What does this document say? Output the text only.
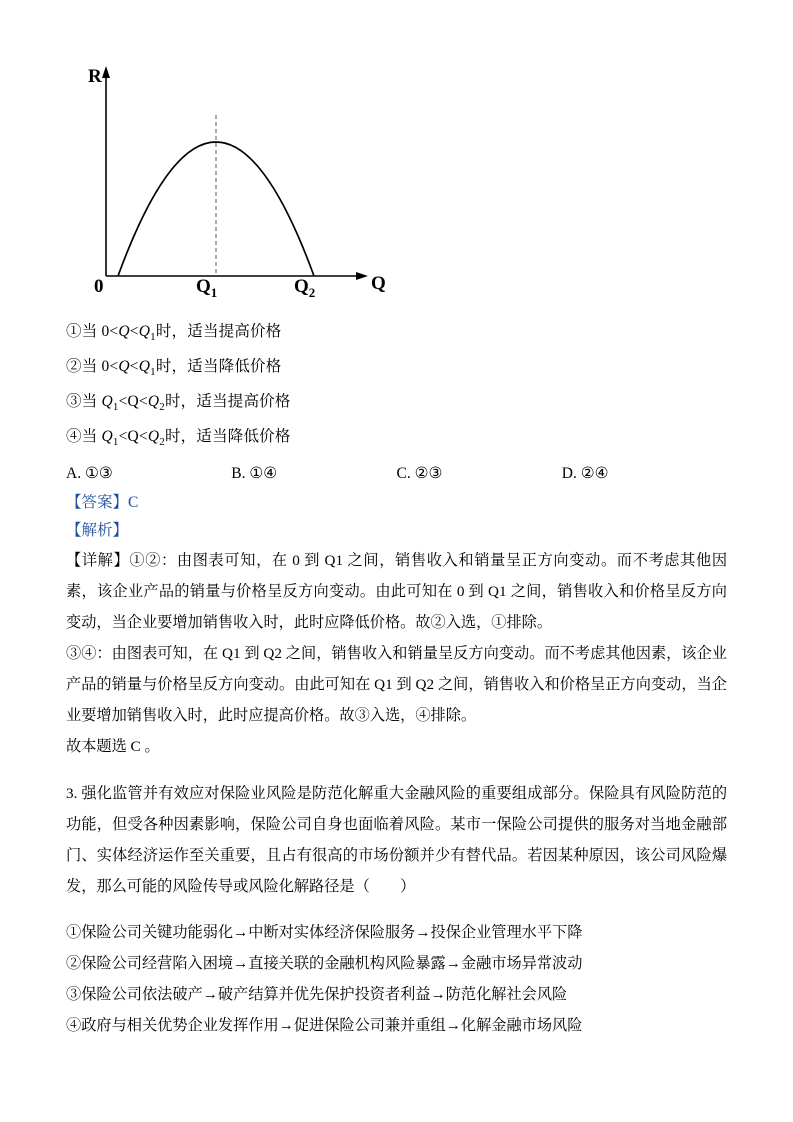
R
Q
0	$Q_1$	$Q_2$
①当 $0<Q<Q_1$时，适当提高价格
②当 $0<Q<Q_1$时，适当降低价格
③当 $Q_1<Q<Q_2$时，适当提高价格
④当 $Q_1<Q<Q_2$时，适当降低价格
A. ①③	B. ①④	C. ②③	D. ②④
【答案】C
【解析】

【详解】①②：由图表可知，在 0 到 Q1 之间，销售收入和销量呈正方向变动。而不考虑其他因素，该企业产品的销量与价格呈反方向变动。由此可知在 0 到 Q1 之间，销售收入和价格呈反方向变动，当企业要增加销售收入时，此时应降低价格。故②入选，①排除。

③④：由图表可知，在 Q1 到 Q2 之间，销售收入和销量呈反方向变动。而不考虑其他因素，该企业产品的销量与价格呈反方向变动。由此可知在 Q1 到 Q2 之间，销售收入和价格呈正方向变动，当企业要增加销售收入时，此时应提高价格。故③入选，④排除。

故本题选 C 。

3. 强化监管并有效应对保险业风险是防范化解重大金融风险的重要组成部分。保险具有风险防范的功能，但受各种因素影响，保险公司自身也面临着风险。某市一保险公司提供的服务对当地金融部门、实体经济运作至关重要，且占有很高的市场份额并少有替代品。若因某种原因，该公司风险爆发，那么可能的风险传导或风险化解路径是（　　）

①保险公司关键功能弱化→中断对实体经济保险服务→投保企业管理水平下降
②保险公司经营陷入困境→直接关联的金融机构风险暴露→金融市场异常波动
③保险公司依法破产→破产结算并优先保护投资者利益→防范化解社会风险
④政府与相关优势企业发挥作用→促进保险公司兼并重组→化解金融市场风险
